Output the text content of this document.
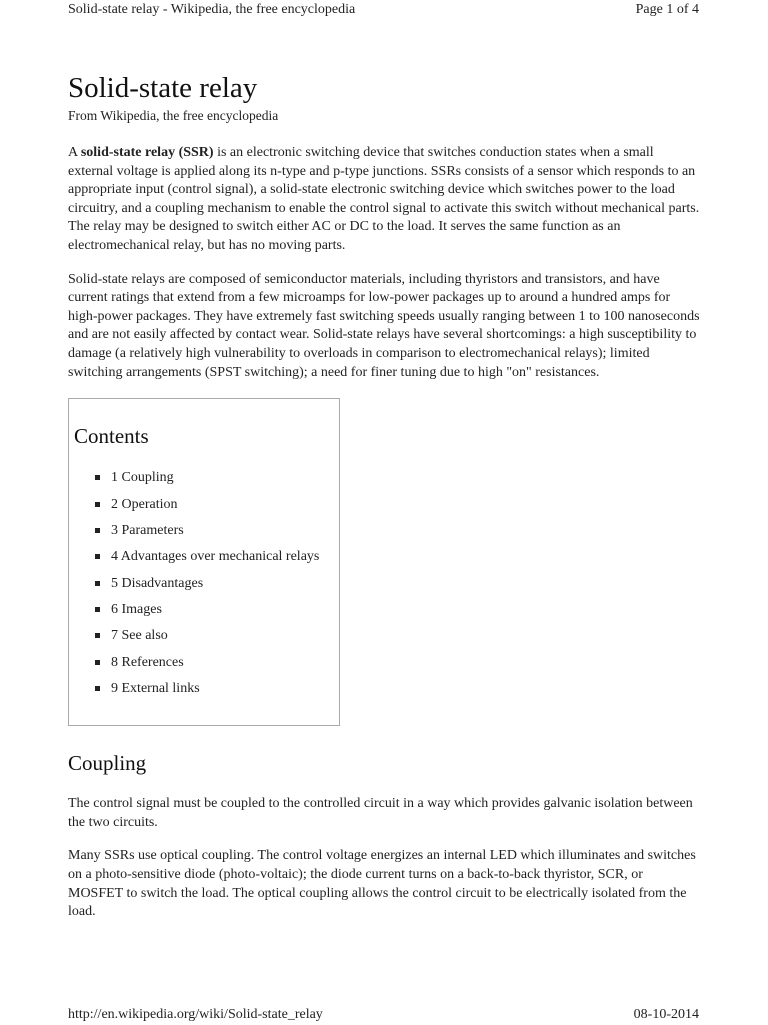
Solid-state relay - Wikipedia, the free encyclopedia	Page 1 of 4
Solid-state relay
From Wikipedia, the free encyclopedia

A solid-state relay (SSR) is an electronic switching device that switches conduction states when a small external voltage is applied along its n-type and p-type junctions. SSRs consists of a sensor which responds to an appropriate input (control signal), a solid-state electronic switching device which switches power to the load circuitry, and a coupling mechanism to enable the control signal to activate this switch without mechanical parts. The relay may be designed to switch either AC or DC to the load. It serves the same function as an electromechanical relay, but has no moving parts.

Solid-state relays are composed of semiconductor materials, including thyristors and transistors, and have current ratings that extend from a few microamps for low-power packages up to around a hundred amps for high-power packages. They have extremely fast switching speeds usually ranging between 1 to 100 nanoseconds and are not easily affected by contact wear. Solid-state relays have several shortcomings: a high susceptibility to damage (a relatively high vulnerability to overloads in comparison to electromechanical relays); limited switching arrangements (SPST switching); a need for finer tuning due to high "on" resistances.

Contents
1 Coupling
2 Operation
3 Parameters
4 Advantages over mechanical relays
5 Disadvantages
6 Images
7 See also
8 References
9 External links
Coupling

The control signal must be coupled to the controlled circuit in a way which provides galvanic isolation between the two circuits.

Many SSRs use optical coupling. The control voltage energizes an internal LED which illuminates and switches on a photo-sensitive diode (photo-voltaic); the diode current turns on a back-to-back thyristor, SCR, or MOSFET to switch the load. The optical coupling allows the control circuit to be electrically isolated from the load.

http://en.wikipedia.org/wiki/Solid-state_relay	08-10-2014
